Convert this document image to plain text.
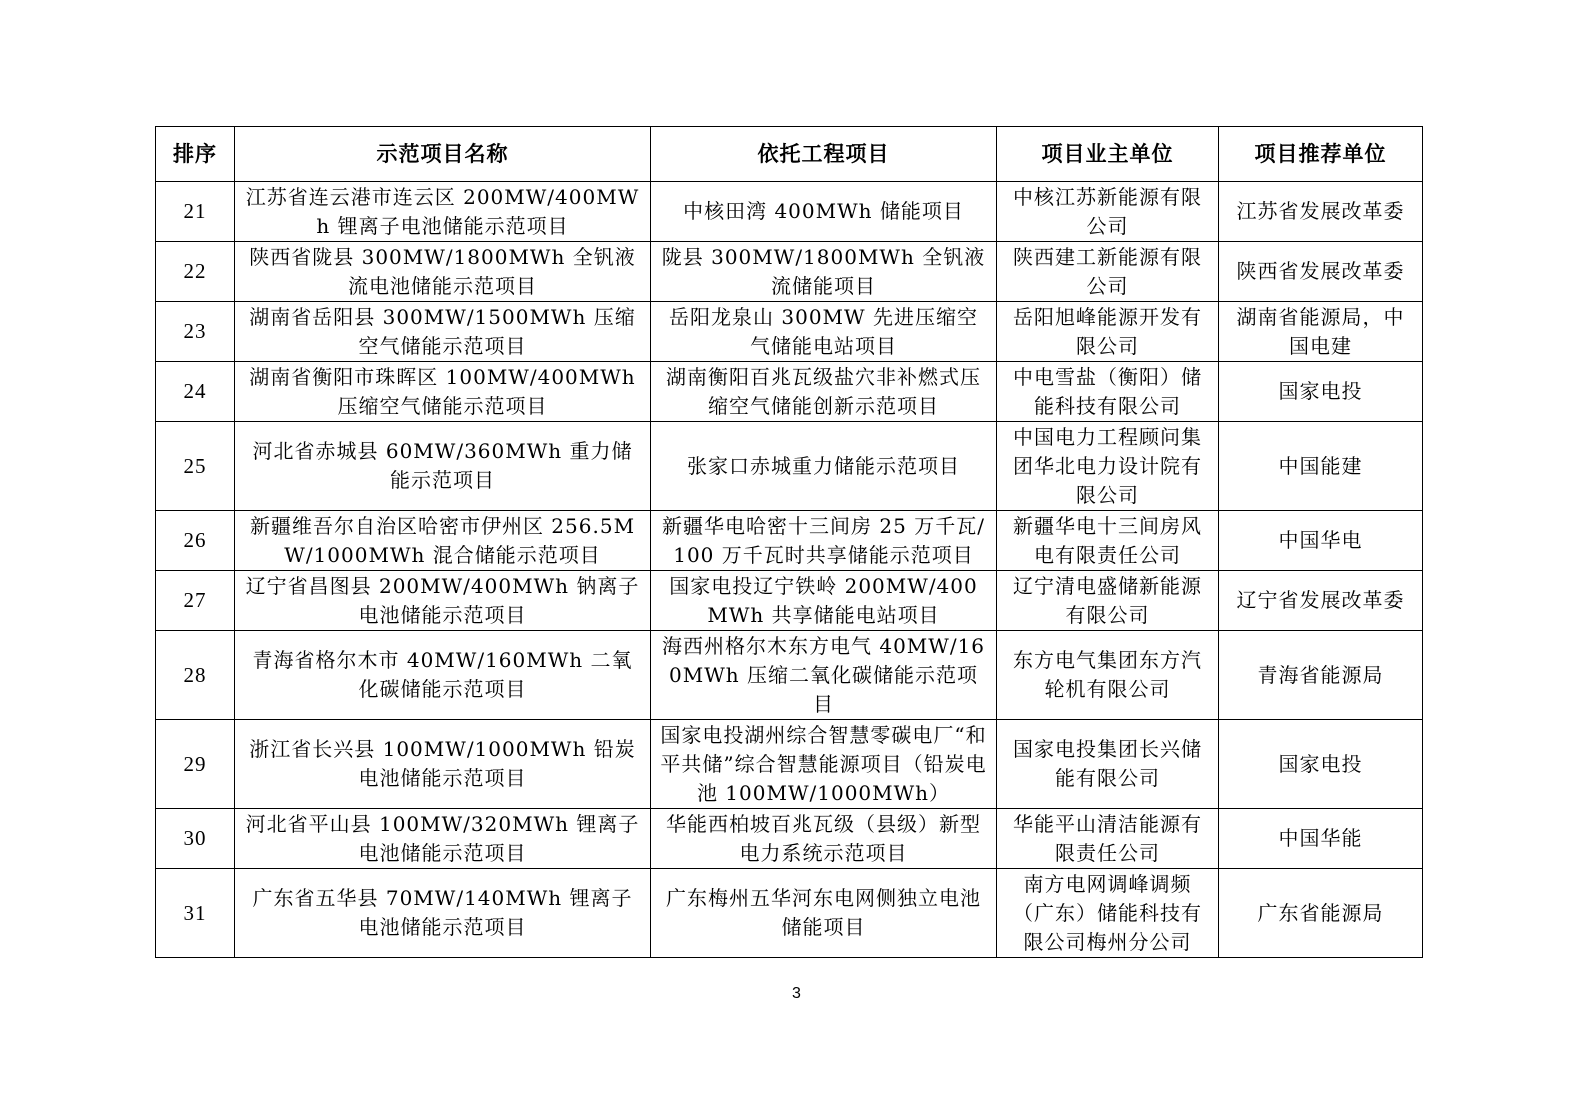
排序	示范项目名称	依托工程项目	项目业主单位	项目推荐单位
21	江苏省连云港市连云区 200MW/400MWh 锂离子电池储能示范项目	中核田湾 400MWh 储能项目	中核江苏新能源有限公司	江苏省发展改革委
22	陕西省陇县 300MW/1800MWh 全钒液流电池储能示范项目	陇县 300MW/1800MWh 全钒液流储能项目	陕西建工新能源有限公司	陕西省发展改革委
23	湖南省岳阳县 300MW/1500MWh 压缩空气储能示范项目	岳阳龙泉山 300MW 先进压缩空气储能电站项目	岳阳旭峰能源开发有限公司	湖南省能源局，中国电建
24	湖南省衡阳市珠晖区 100MW/400MWh 压缩空气储能示范项目	湖南衡阳百兆瓦级盐穴非补燃式压缩空气储能创新示范项目	中电雪盐（衡阳）储能科技有限公司	国家电投
25	河北省赤城县 60MW/360MWh 重力储能示范项目	张家口赤城重力储能示范项目	中国电力工程顾问集团华北电力设计院有限公司	中国能建
26	新疆维吾尔自治区哈密市伊州区 256.5MW/1000MWh 混合储能示范项目	新疆华电哈密十三间房 25 万千瓦/100 万千瓦时共享储能示范项目	新疆华电十三间房风电有限责任公司	中国华电
27	辽宁省昌图县 200MW/400MWh 钠离子电池储能示范项目	国家电投辽宁铁岭 200MW/400MWh 共享储能电站项目	辽宁清电盛储新能源有限公司	辽宁省发展改革委
28	青海省格尔木市 40MW/160MWh 二氧化碳储能示范项目	海西州格尔木东方电气 40MW/160MWh 压缩二氧化碳储能示范项目	东方电气集团东方汽轮机有限公司	青海省能源局
29	浙江省长兴县 100MW/1000MWh 铅炭电池储能示范项目	国家电投湖州综合智慧零碳电厂“和平共储”综合智慧能源项目（铅炭电池 100MW/1000MWh）	国家电投集团长兴储能有限公司	国家电投
30	河北省平山县 100MW/320MWh 锂离子电池储能示范项目	华能西柏坡百兆瓦级（县级）新型电力系统示范项目	华能平山清洁能源有限责任公司	中国华能
31	广东省五华县 70MW/140MWh 锂离子电池储能示范项目	广东梅州五华河东电网侧独立电池储能项目	南方电网调峰调频（广东）储能科技有限公司梅州分公司	广东省能源局
3
